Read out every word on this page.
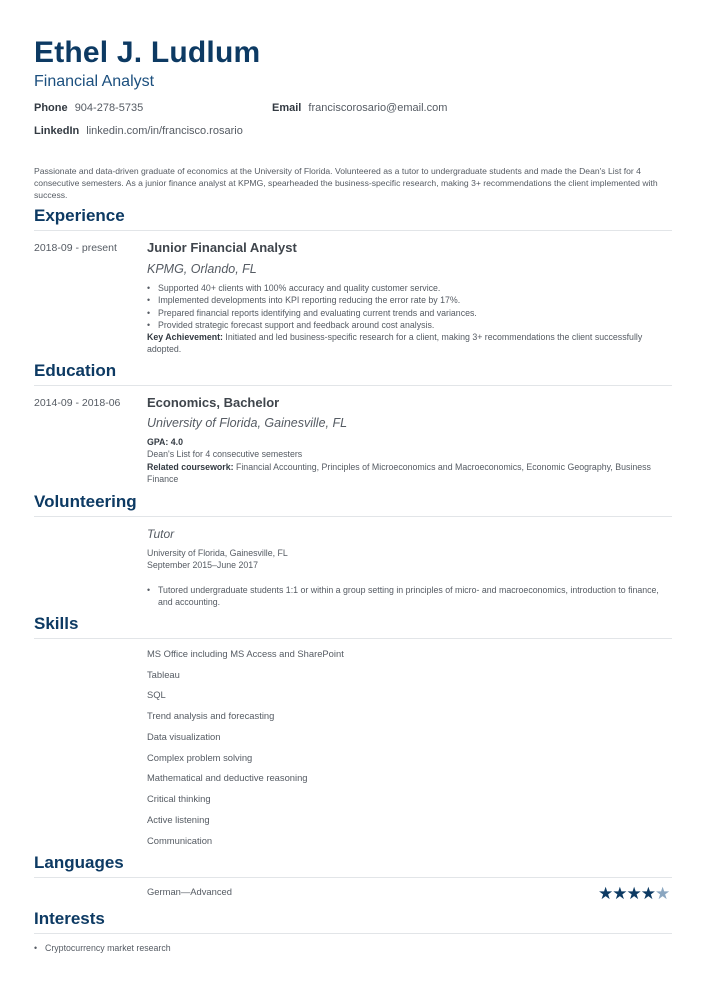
Ethel J. Ludlum
Financial Analyst
Phone 904-278-5735	Email franciscorosario@email.com
LinkedIn linkedin.com/in/francisco.rosario
Passionate and data-driven graduate of economics at the University of Florida. Volunteered as a tutor to undergraduate students and made the Dean's List for 4 consecutive semesters. As a junior finance analyst at KPMG, spearheaded the business-specific research, making 3+ recommendations the client implemented with success.
Experience
2018-09 - present Junior Financial Analyst
KPMG, Orlando, FL
• Supported 40+ clients with 100% accuracy and quality customer service.
• Implemented developments into KPI reporting reducing the error rate by 17%.
• Prepared financial reports identifying and evaluating current trends and variances.
• Provided strategic forecast support and feedback around cost analysis.
Key Achievement: Initiated and led business-specific research for a client, making 3+ recommendations the client successfully adopted.
Education
2014-09 - 2018-06 Economics, Bachelor
University of Florida, Gainesville, FL
GPA: 4.0
Dean's List for 4 consecutive semesters
Related coursework: Financial Accounting, Principles of Microeconomics and Macroeconomics, Economic Geography, Business Finance
Volunteering
Tutor
University of Florida, Gainesville, FL
September 2015–June 2017
• Tutored undergraduate students 1:1 or within a group setting in principles of micro- and macroeconomics, introduction to finance, and accounting.
Skills
MS Office including MS Access and SharePoint
Tableau
SQL
Trend analysis and forecasting
Data visualization
Complex problem solving
Mathematical and deductive reasoning
Critical thinking
Active listening
Communication
Languages
German—Advanced	★★★★★
Interests
• Cryptocurrency market research
